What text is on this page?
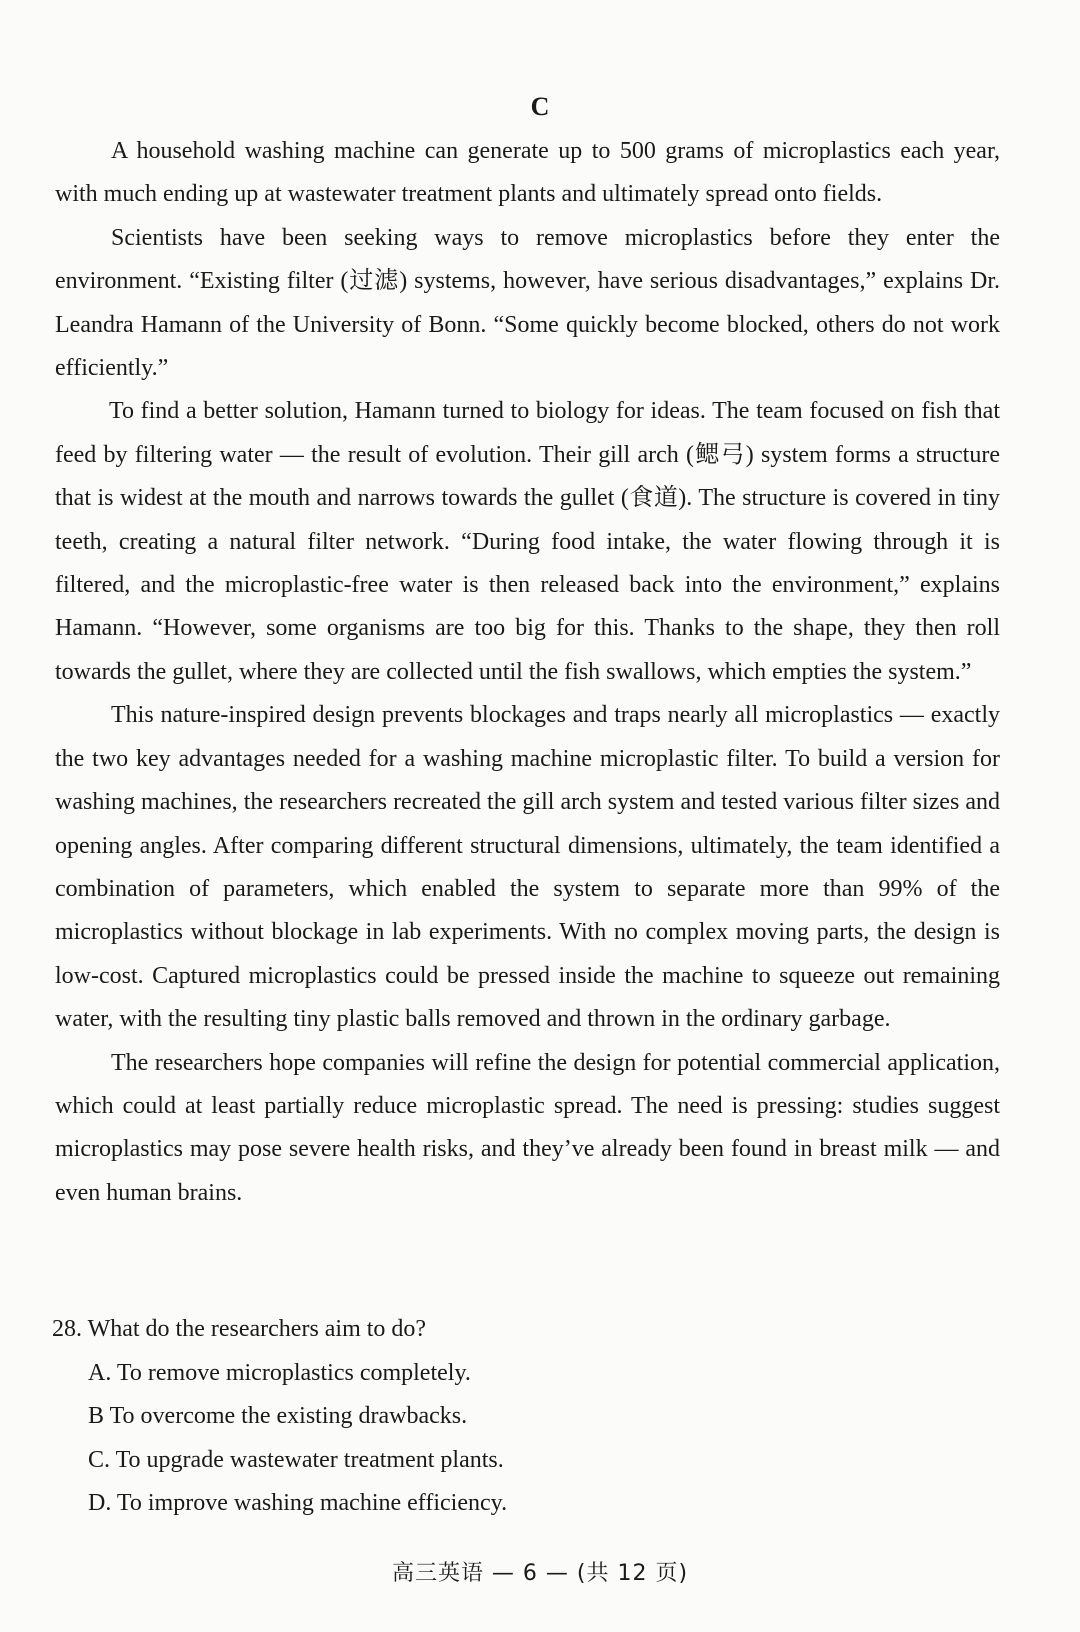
C

A household washing machine can generate up to 500 grams of microplastics each year, with much ending up at wastewater treatment plants and ultimately spread onto fields.

Scientists have been seeking ways to remove microplastics before they enter the environment. “Existing filter (过滤) systems, however, have serious disadvantages,” explains Dr. Leandra Hamann of the University of Bonn. “Some quickly become blocked, others do not work efficiently.”

To find a better solution, Hamann turned to biology for ideas. The team focused on fish that feed by filtering water — the result of evolution. Their gill arch (鳃弓) system forms a structure that is widest at the mouth and narrows towards the gullet (食道). The structure is covered in tiny teeth, creating a natural filter network. “During food intake, the water flowing through it is filtered, and the microplastic-free water is then released back into the environment,” explains Hamann. “However, some organisms are too big for this. Thanks to the shape, they then roll towards the gullet, where they are collected until the fish swallows, which empties the system.”

This nature-inspired design prevents blockages and traps nearly all microplastics — exactly the two key advantages needed for a washing machine microplastic filter. To build a version for washing machines, the researchers recreated the gill arch system and tested various filter sizes and opening angles. After comparing different structural dimensions, ultimately, the team identified a combination of parameters, which enabled the system to separate more than 99% of the microplastics without blockage in lab experiments. With no complex moving parts, the design is low-cost. Captured microplastics could be pressed inside the machine to squeeze out remaining water, with the resulting tiny plastic balls removed and thrown in the ordinary garbage.

The researchers hope companies will refine the design for potential commercial application, which could at least partially reduce microplastic spread. The need is pressing: studies suggest microplastics may pose severe health risks, and they’ve already been found in breast milk — and even human brains.

28. What do the researchers aim to do?

A. To remove microplastics completely.

B To overcome the existing drawbacks.

C. To upgrade wastewater treatment plants.

D. To improve washing machine efficiency.

高三英语 — 6 — (共 12 页)
